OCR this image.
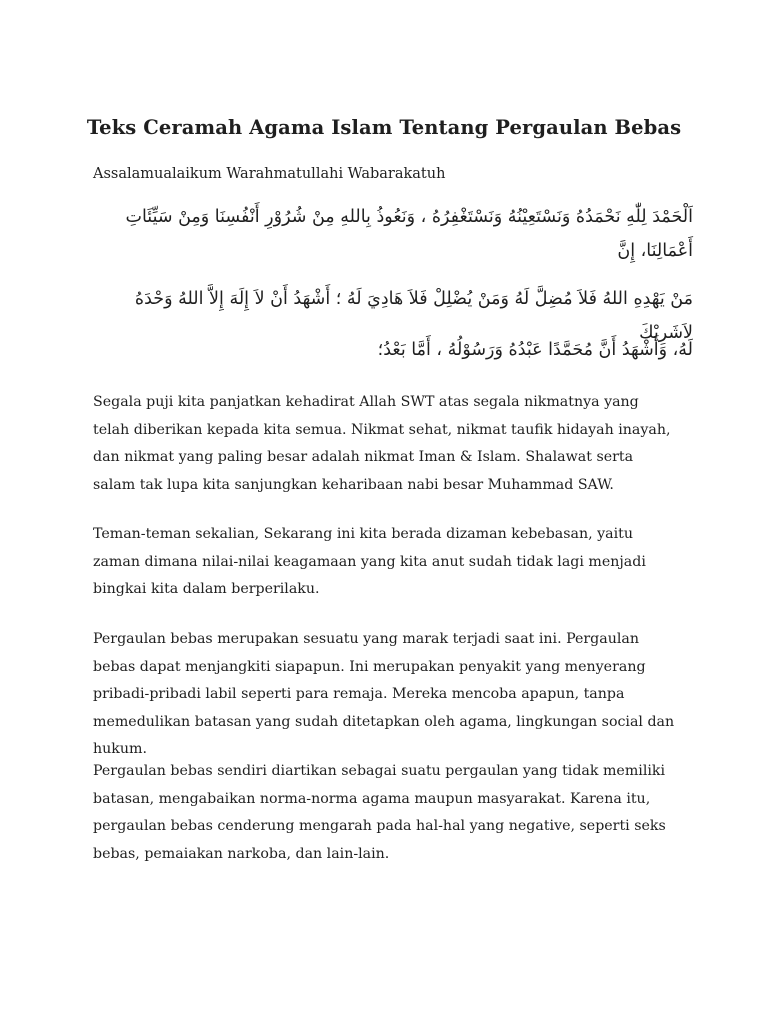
Teks Ceramah Agama Islam Tentang Pergaulan Bebas

Assalamualaikum Warahmatullahi Wabarakatuh

اَلْحَمْدَ لِلّٰهِ نَحْمَدُهُ وَنَسْتَعِيْنُهُ وَنَسْتَغْفِرُهُ ، وَنَعُوذُ بِاللهِ مِنْ شُرُوْرِ أَنْفُسِنَا وَمِنْ سَيِّئَاتِ أَعْمَالِنَا، إِنَّ

مَنْ يَهْدِهِ اللهُ فَلاَ مُضِلَّ لَهُ وَمَنْ يُضْلِلْ فَلاَ هَادِيَ لَهُ ؛ أَشْهَدُ أَنْ لاَ إِلَهَ إِلاَّ اللهُ وَحْدَهُ لاَشَرِيْكَ

لَهُ، وَأَشْهَدُ أَنَّ مُحَمَّدًا عَبْدُهُ وَرَسُوْلُهُ ، أَمَّا بَعْدُ؛

Segala puji kita panjatkan kehadirat Allah SWT atas segala nikmatnya yang telah diberikan kepada kita semua. Nikmat sehat, nikmat taufik hidayah inayah, dan nikmat yang paling besar adalah nikmat Iman & Islam. Shalawat serta salam tak lupa kita sanjungkan keharibaan nabi besar Muhammad SAW.

Teman-teman sekalian, Sekarang ini kita berada dizaman kebebasan, yaitu zaman dimana nilai-nilai keagamaan yang kita anut sudah tidak lagi menjadi bingkai kita dalam berperilaku.

Pergaulan bebas merupakan sesuatu yang marak terjadi saat ini. Pergaulan bebas dapat menjangkiti siapapun. Ini merupakan penyakit yang menyerang pribadi-pribadi labil seperti para remaja. Mereka mencoba apapun, tanpa memedulikan batasan yang sudah ditetapkan oleh agama, lingkungan social dan hukum.

Pergaulan bebas sendiri diartikan sebagai suatu pergaulan yang tidak memiliki batasan, mengabaikan norma-norma agama maupun masyarakat. Karena itu, pergaulan bebas cenderung mengarah pada hal-hal yang negative, seperti seks bebas, pemaiakan narkoba, dan lain-lain.
